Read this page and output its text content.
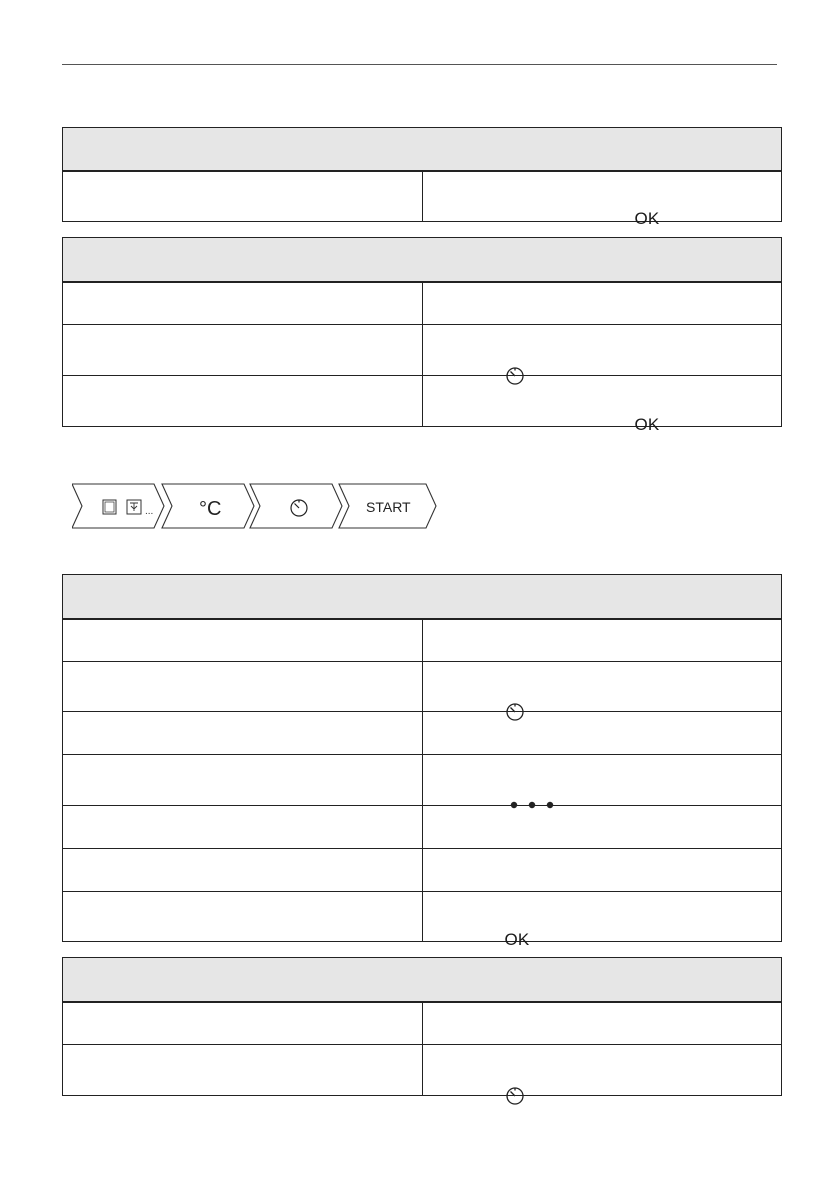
OK

	OK
... °C	START

	OK
